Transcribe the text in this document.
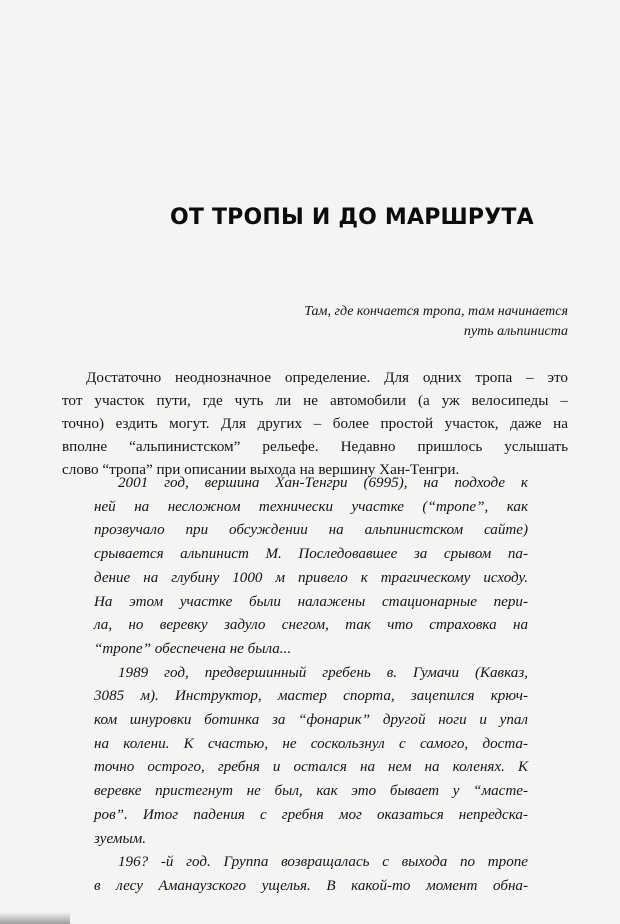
ОТ ТРОПЫ И ДО МАРШРУТА
Там, где кончается тропа, там начинается
путь альпиниста
Достаточно неоднозначное определение. Для одних тропа – это
тот участок пути, где чуть ли не автомобили (а уж велосипеды –
точно) ездить могут. Для других – более простой участок, даже на
вполне “альпинистском” рельефе. Недавно пришлось услышать
слово “тропа” при описании выхода на вершину Хан-Тенгри.
2001 год, вершина Хан-Тенгри (6995), на подходе к
ней на несложном технически участке (“тропе”, как
прозвучало при обсуждении на альпинистском сайте)
срывается альпинист М. Последовавшее за срывом па-
дение на глубину 1000 м привело к трагическому исходу.
На этом участке были налажены стационарные пери-
ла, но веревку задуло снегом, так что страховка на
“тропе” обеспечена не была...
1989 год, предвершинный гребень в. Гумачи (Кавказ,
3085 м). Инструктор, мастер спорта, зацепился крюч-
ком шнуровки ботинка за “фонарик” другой ноги и упал
на колени. К счастью, не соскользнул с самого, доста-
точно острого, гребня и остался на нем на коленях. К
веревке пристегнут не был, как это бывает у “масте-
ров”. Итог падения с гребня мог оказаться непредска-
зуемым.
196? -й год. Группа возвращалась с выхода по тропе
в лесу Аманаузского ущелья. В какой-то момент обна-
